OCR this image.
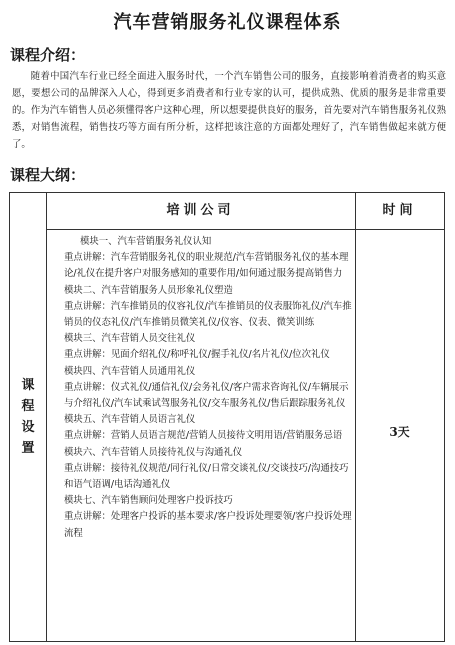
汽车营销服务礼仪课程体系
课程介绍：

随着中国汽车行业已经全面进入服务时代，一个汽车销售公司的服务，直接影响着消费者的购买意愿，要想公司的品牌深入人心，得到更多消费者和行业专家的认可，提供成熟、优质的服务是非常重要的。作为汽车销售人员必须懂得客户这种心理，所以想要提供良好的服务，首先要对汽车销售服务礼仪熟悉，对销售流程，销售技巧等方面有所分析，这样把该注意的方面都处理好了，汽车销售做起来就方便了。

课程大纲：
培训公司	时间
课
程
设
置
模块一、汽车营销服务礼仪认知
重点讲解：汽车营销服务礼仪的职业规范/汽车营销服务礼仪的基本理论/礼仪在提升客户对服务感知的重要作用/如何通过服务提高销售力
模块二、汽车营销服务人员形象礼仪塑造
重点讲解：汽车推销员的仪容礼仪/汽车推销员的仪表服饰礼仪/汽车推销员的仪态礼仪/汽车推销员微笑礼仪/仪容、仪表、微笑训练
模块三、汽车营销人员交往礼仪
重点讲解：见面介绍礼仪/称呼礼仪/握手礼仪/名片礼仪/位次礼仪
模块四、汽车营销人员通用礼仪
重点讲解：仪式礼仪/通信礼仪/会务礼仪/客户需求咨询礼仪/车辆展示与介绍礼仪/汽车试乘试驾服务礼仪/交车服务礼仪/售后跟踪服务礼仪
模块五、汽车营销人员语言礼仪
重点讲解：营销人员语言规范/营销人员接待文明用语/营销服务忌语
模块六、汽车营销人员接待礼仪与沟通礼仪
重点讲解：接待礼仪规范/同行礼仪/日常交谈礼仪/交谈技巧/沟通技巧和语气语调/电话沟通礼仪
模块七、汽车销售顾问处理客户投诉技巧
重点讲解：处理客户投诉的基本要求/客户投诉处理要领/客户投诉处理流程
3天
